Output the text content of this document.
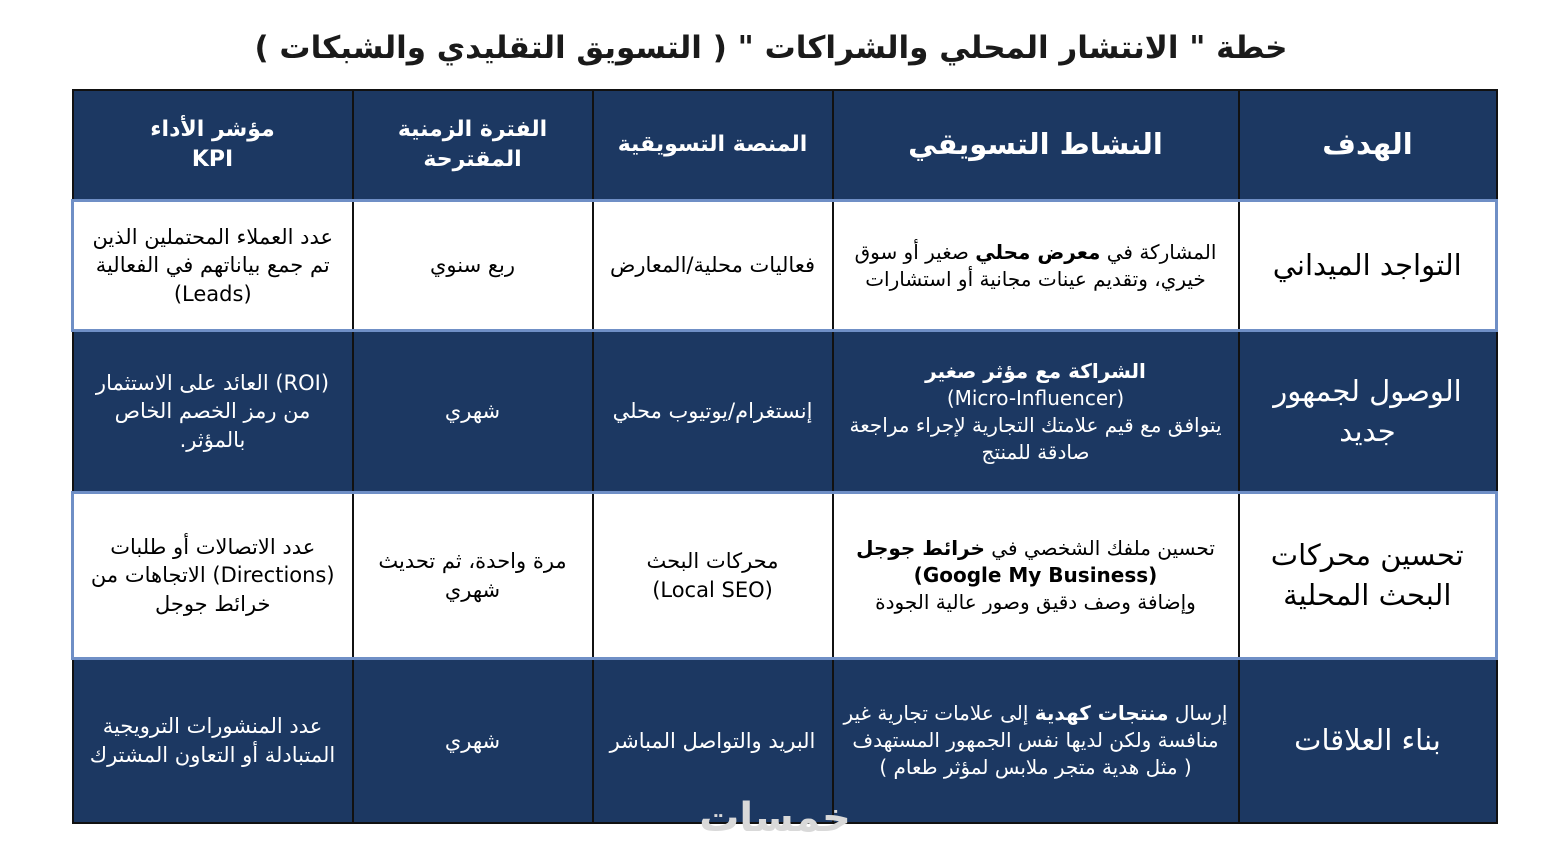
خطة " الانتشار المحلي والشراكات " ( التسويق التقليدي والشبكات )
الهدف	النشاط التسويقي	المنصة التسويقية	الفترة الزمنية
المقترحة	مؤشر الأداء
KPI

التواجد الميداني	المشاركة في معرض محلي صغير أو سوق خيري، وتقديم عينات مجانية أو استشارات	فعاليات محلية/المعارض	ربع سنوي	عدد العملاء المحتملين الذين تم جمع بياناتهم في الفعالية (Leads)
الوصول لجمهور جديد	الشراكة مع مؤثر صغير
(Micro-Influencer)
يتوافق مع قيم علامتك التجارية لإجراء مراجعة صادقة للمنتج	إنستغرام/يوتيوب محلي	شهري	(ROI) العائد على الاستثمار من رمز الخصم الخاص بالمؤثر.
تحسين محركات البحث المحلية	تحسين ملفك الشخصي في خرائط جوجل
(Google My Business)
وإضافة وصف دقيق وصور عالية الجودة	محركات البحث
(Local SEO)	مرة واحدة، ثم تحديث شهري	عدد الاتصالات أو طلبات (Directions) الاتجاهات من خرائط جوجل
بناء العلاقات	إرسال منتجات كهدية إلى علامات تجارية غير منافسة ولكن لديها نفس الجمهور المستهدف
( مثل هدية متجر ملابس لمؤثر طعام )	البريد والتواصل المباشر	شهري	عدد المنشورات الترويجية المتبادلة أو التعاون المشترك
خمسات
